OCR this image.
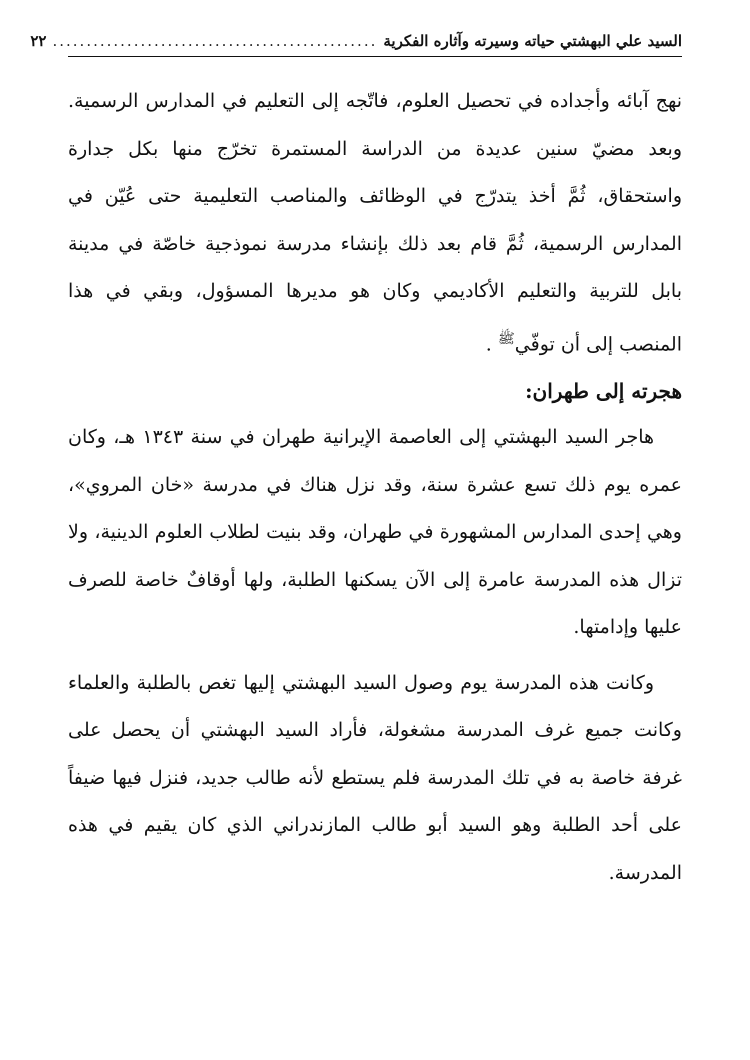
السيد علي البهشتي حياته وسيرته وآثاره الفكرية
................................................
٢٢

نهج آبائه وأجداده في تحصيل العلوم، فاتّجه إلى التعليم في المدارس الرسمية. وبعد مضيّ سنين عديدة من الدراسة المستمرة تخرّج منها بكل جدارة واستحقاق، ثُمَّ أخذ يتدرّج في الوظائف والمناصب التعليمية حتى عُيّن في المدارس الرسمية، ثُمَّ قام بعد ذلك بإنشاء مدرسة نموذجية خاصّة في مدينة بابل للتربية والتعليم الأكاديمي وكان هو مديرها المسؤول، وبقي في هذا المنصب إلى أن توفّي$^ﷺ$ .

هجرته إلى طهران:

هاجر السيد البهشتي إلى العاصمة الإيرانية طهران في سنة ١٣٤٣ هـ، وكان عمره يوم ذلك تسع عشرة سنة، وقد نزل هناك في مدرسة «خان المروي»، وهي إحدى المدارس المشهورة في طهران، وقد بنيت لطلاب العلوم الدينية، ولا تزال هذه المدرسة عامرة إلى الآن يسكنها الطلبة، ولها أوقافٌ خاصة للصرف عليها وإدامتها.

وكانت هذه المدرسة يوم وصول السيد البهشتي إليها تغص بالطلبة والعلماء وكانت جميع غرف المدرسة مشغولة، فأراد السيد البهشتي أن يحصل على غرفة خاصة به في تلك المدرسة فلم يستطع لأنه طالب جديد، فنزل فيها ضيفاً على أحد الطلبة وهو السيد أبو طالب المازندراني الذي كان يقيم في هذه المدرسة.
